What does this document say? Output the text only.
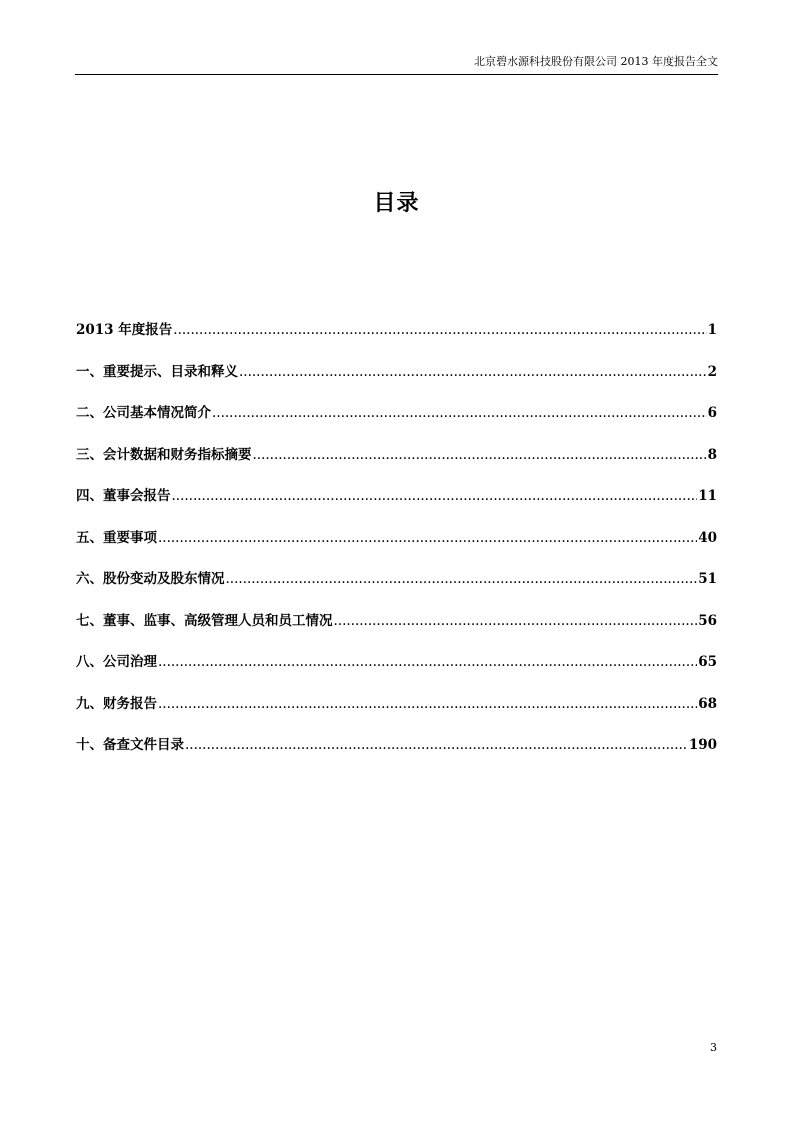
北京碧水源科技股份有限公司 2013 年度报告全文
目录
2013 年度报告 .....	1
一、重要提示、目录和释义 .....	2
二、公司基本情况简介 .....	6
三、会计数据和财务指标摘要 .....	8
四、董事会报告 .....	11
五、重要事项 .....	40
六、股份变动及股东情况 .....	51
七、董事、监事、高级管理人员和员工情况 .....	56
八、公司治理 .....	65
九、财务报告 .....	68
十、备查文件目录 .....	190
3
